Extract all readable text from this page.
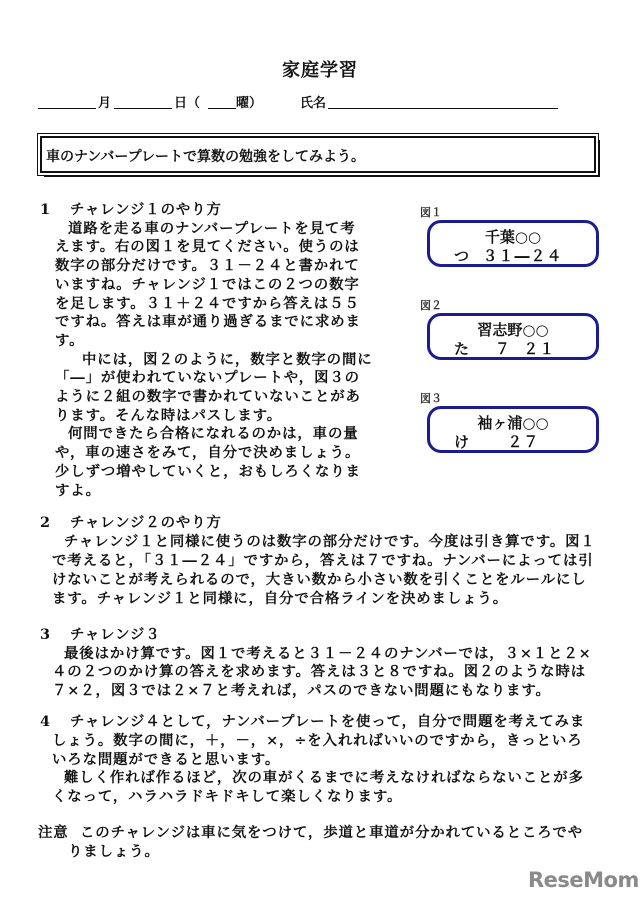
家庭学習
月	日（	曜）	氏名
車のナンバープレートで算数の勉強をしてみよう。
図１
千葉○○
つ  ３１―２４
図２
習志野○○
た    ７  ２１
図３
袖ヶ浦○○
け      ２７
1 チャレンジ１のやり方
道路を走る車のナンバープレートを見て考
えます。右の図１を見てください。使うのは
数字の部分だけです。３１－２４と書かれて
いますね。チャレンジ１ではこの２つの数字
を足します。３１＋２４ですから答えは５５
ですね。答えは車が通り過ぎるまでに求めま
す。
中には，図２のように，数字と数字の間に
「―」が使われていないプレートや，図３の
ように２組の数字で書かれていないことがあ
ります。そんな時はパスします。
何問できたら合格になれるのかは，車の量
や，車の速さをみて，自分で決めましょう。
少しずつ増やしていくと，おもしろくなりま
すよ。
2 チャレンジ２のやり方
チャレンジ１と同様に使うのは数字の部分だけです。今度は引き算です。図１
で考えると，「３１―２４」ですから，答えは７ですね。ナンバーによっては引
けないことが考えられるので，大きい数から小さい数を引くことをルールにし
ます。チャレンジ１と同様に，自分で合格ラインを決めましょう。
3 チャレンジ３
最後はかけ算です。図１で考えると３１－２４のナンバーでは，３×１と２×
４の２つのかけ算の答えを求めます。答えは３と８ですね。図２のような時は
７×２，図３では２×７と考えれば，パスのできない問題にもなります。
4 チャレンジ４として，ナンバープレートを使って，自分で問題を考えてみま
しょう。数字の間に，＋，－，×，÷を入れればいいのですから，きっといろ
いろな問題ができると思います。
難しく作れば作るほど，次の車がくるまでに考えなければならないことが多
くなって，ハラハラドキドキして楽しくなります。
注意 このチャレンジは車に気をつけて，歩道と車道が分かれているところでや
りましょう。
ReseMom
